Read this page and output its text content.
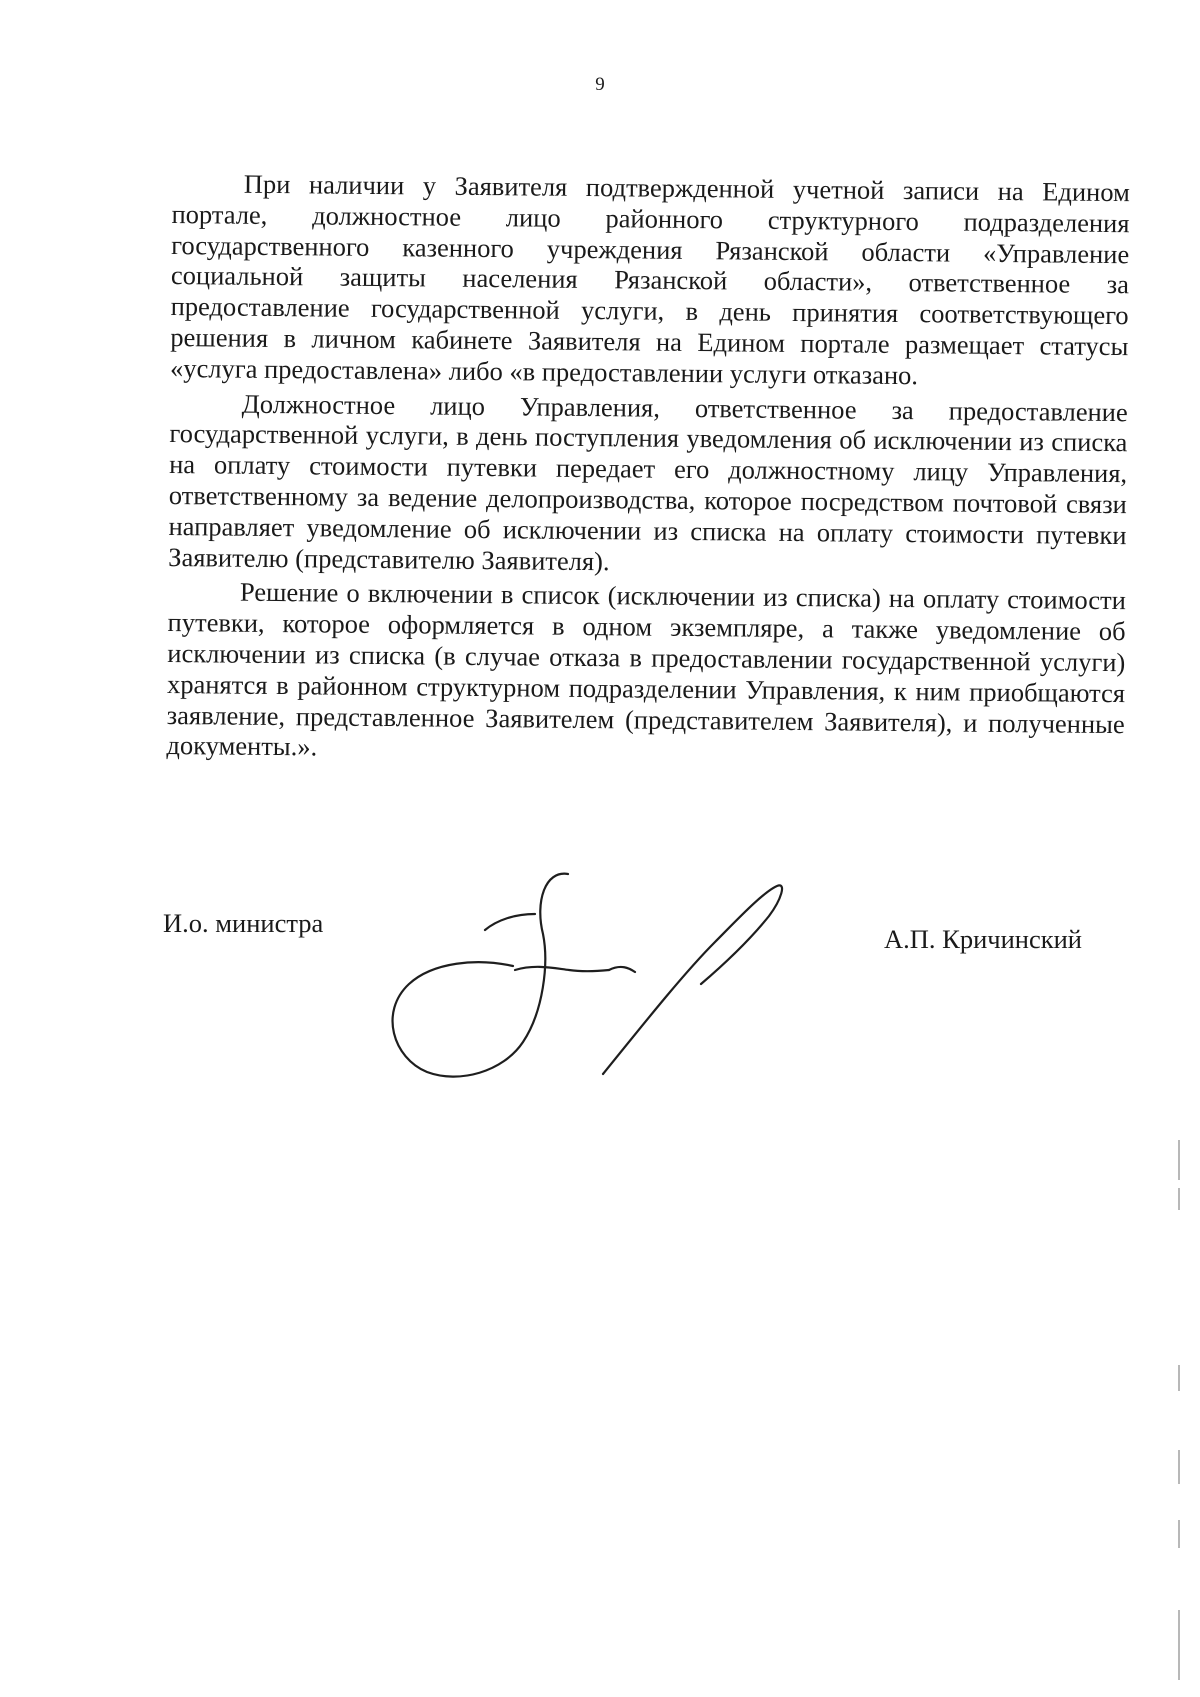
9

При наличии у Заявителя подтвержденной учетной записи на Едином портале, должностное лицо районного структурного подразделения государственного казенного учреждения Рязанской области «Управление социальной защиты населения Рязанской области», ответственное за предоставление государственной услуги, в день принятия соответствующего решения в личном кабинете Заявителя на Едином портале размещает статусы «услуга предоставлена» либо «в предоставлении услуги отказано.

Должностное лицо Управления, ответственное за предоставление государственной услуги, в день поступления уведомления об исключении из списка на оплату стоимости путевки передает его должностному лицу Управления, ответственному за ведение делопроизводства, которое посредством почтовой связи направляет уведомление об исключении из списка на оплату стоимости путевки Заявителю (представителю Заявителя).

Решение о включении в список (исключении из списка) на оплату стоимости путевки, которое оформляется в одном экземпляре, а также уведомление об исключении из списка (в случае отказа в предоставлении государственной услуги) хранятся в районном структурном подразделении Управления, к ним приобщаются заявление, представленное Заявителем (представителем Заявителя), и полученные документы.».

И.о. министра
А.П. Кричинский
